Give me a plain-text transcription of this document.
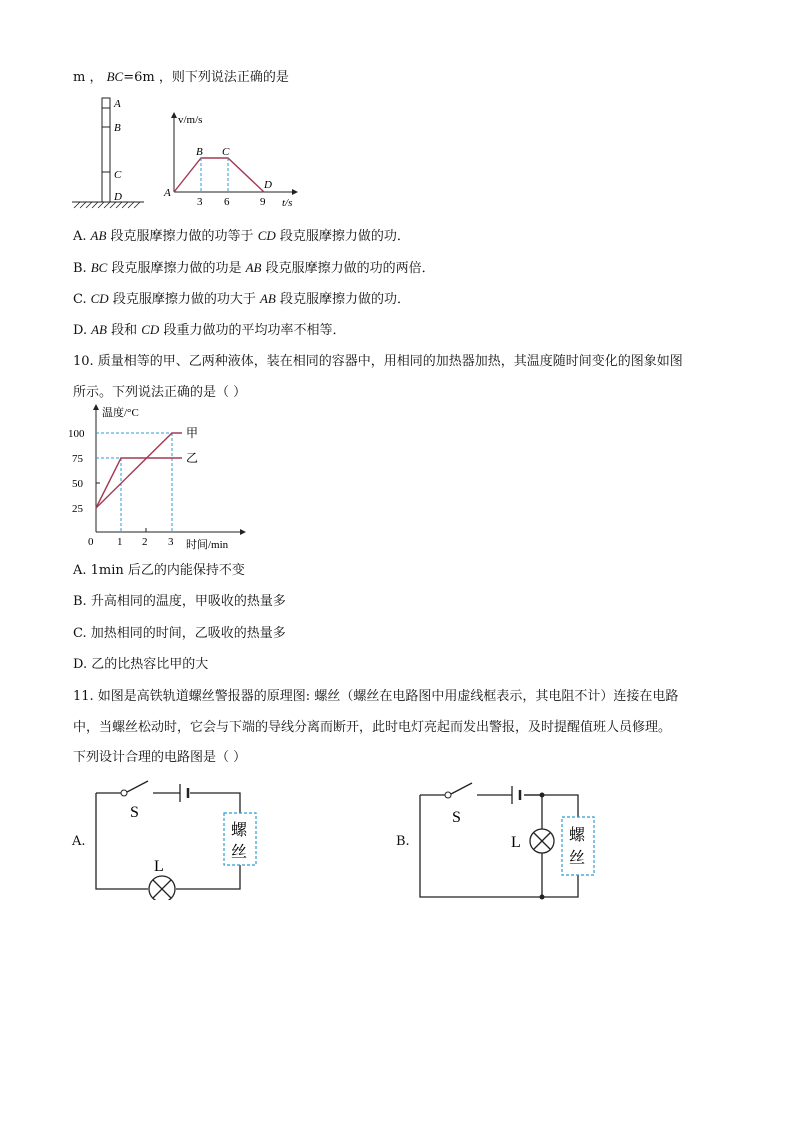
m ， BC=6m ，则下列说法正确的是
A
B
C
D
v/m/s
t/s
A
B C
D
3 6	9
A. AB 段克服摩擦力做的功等于 CD 段克服摩擦力做的功．
B. BC 段克服摩擦力做的功是 AB 段克服摩擦力做的功的两倍．
C. CD 段克服摩擦力做的功大于 AB 段克服摩擦力做的功．
D. AB 段和 CD 段重力做功的平均功率不相等．
10. 质量相等的甲、乙两种液体，装在相同的容器中，用相同的加热器加热，其温度随时间变化的图象如图
所示。下列说法正确的是（ ）
温度/°C
时间/min
甲
乙
25
50
75
100
0 1 2 3
A. 1min 后乙的内能保持不变
B. 升高相同的温度，甲吸收的热量多
C. 加热相同的时间，乙吸收的热量多
D. 乙的比热容比甲的大
11. 如图是高铁轨道螺丝警报器的原理图: 螺丝（螺丝在电路图中用虚线框表示，其电阻不计）连接在电路
中，当螺丝松动时，它会与下端的导线分离而断开，此时电灯亮起而发出警报，及时提醒值班人员修理。
下列设计合理的电路图是（ ）
A.
S
L
螺
丝
B.
S
L	螺
丝
